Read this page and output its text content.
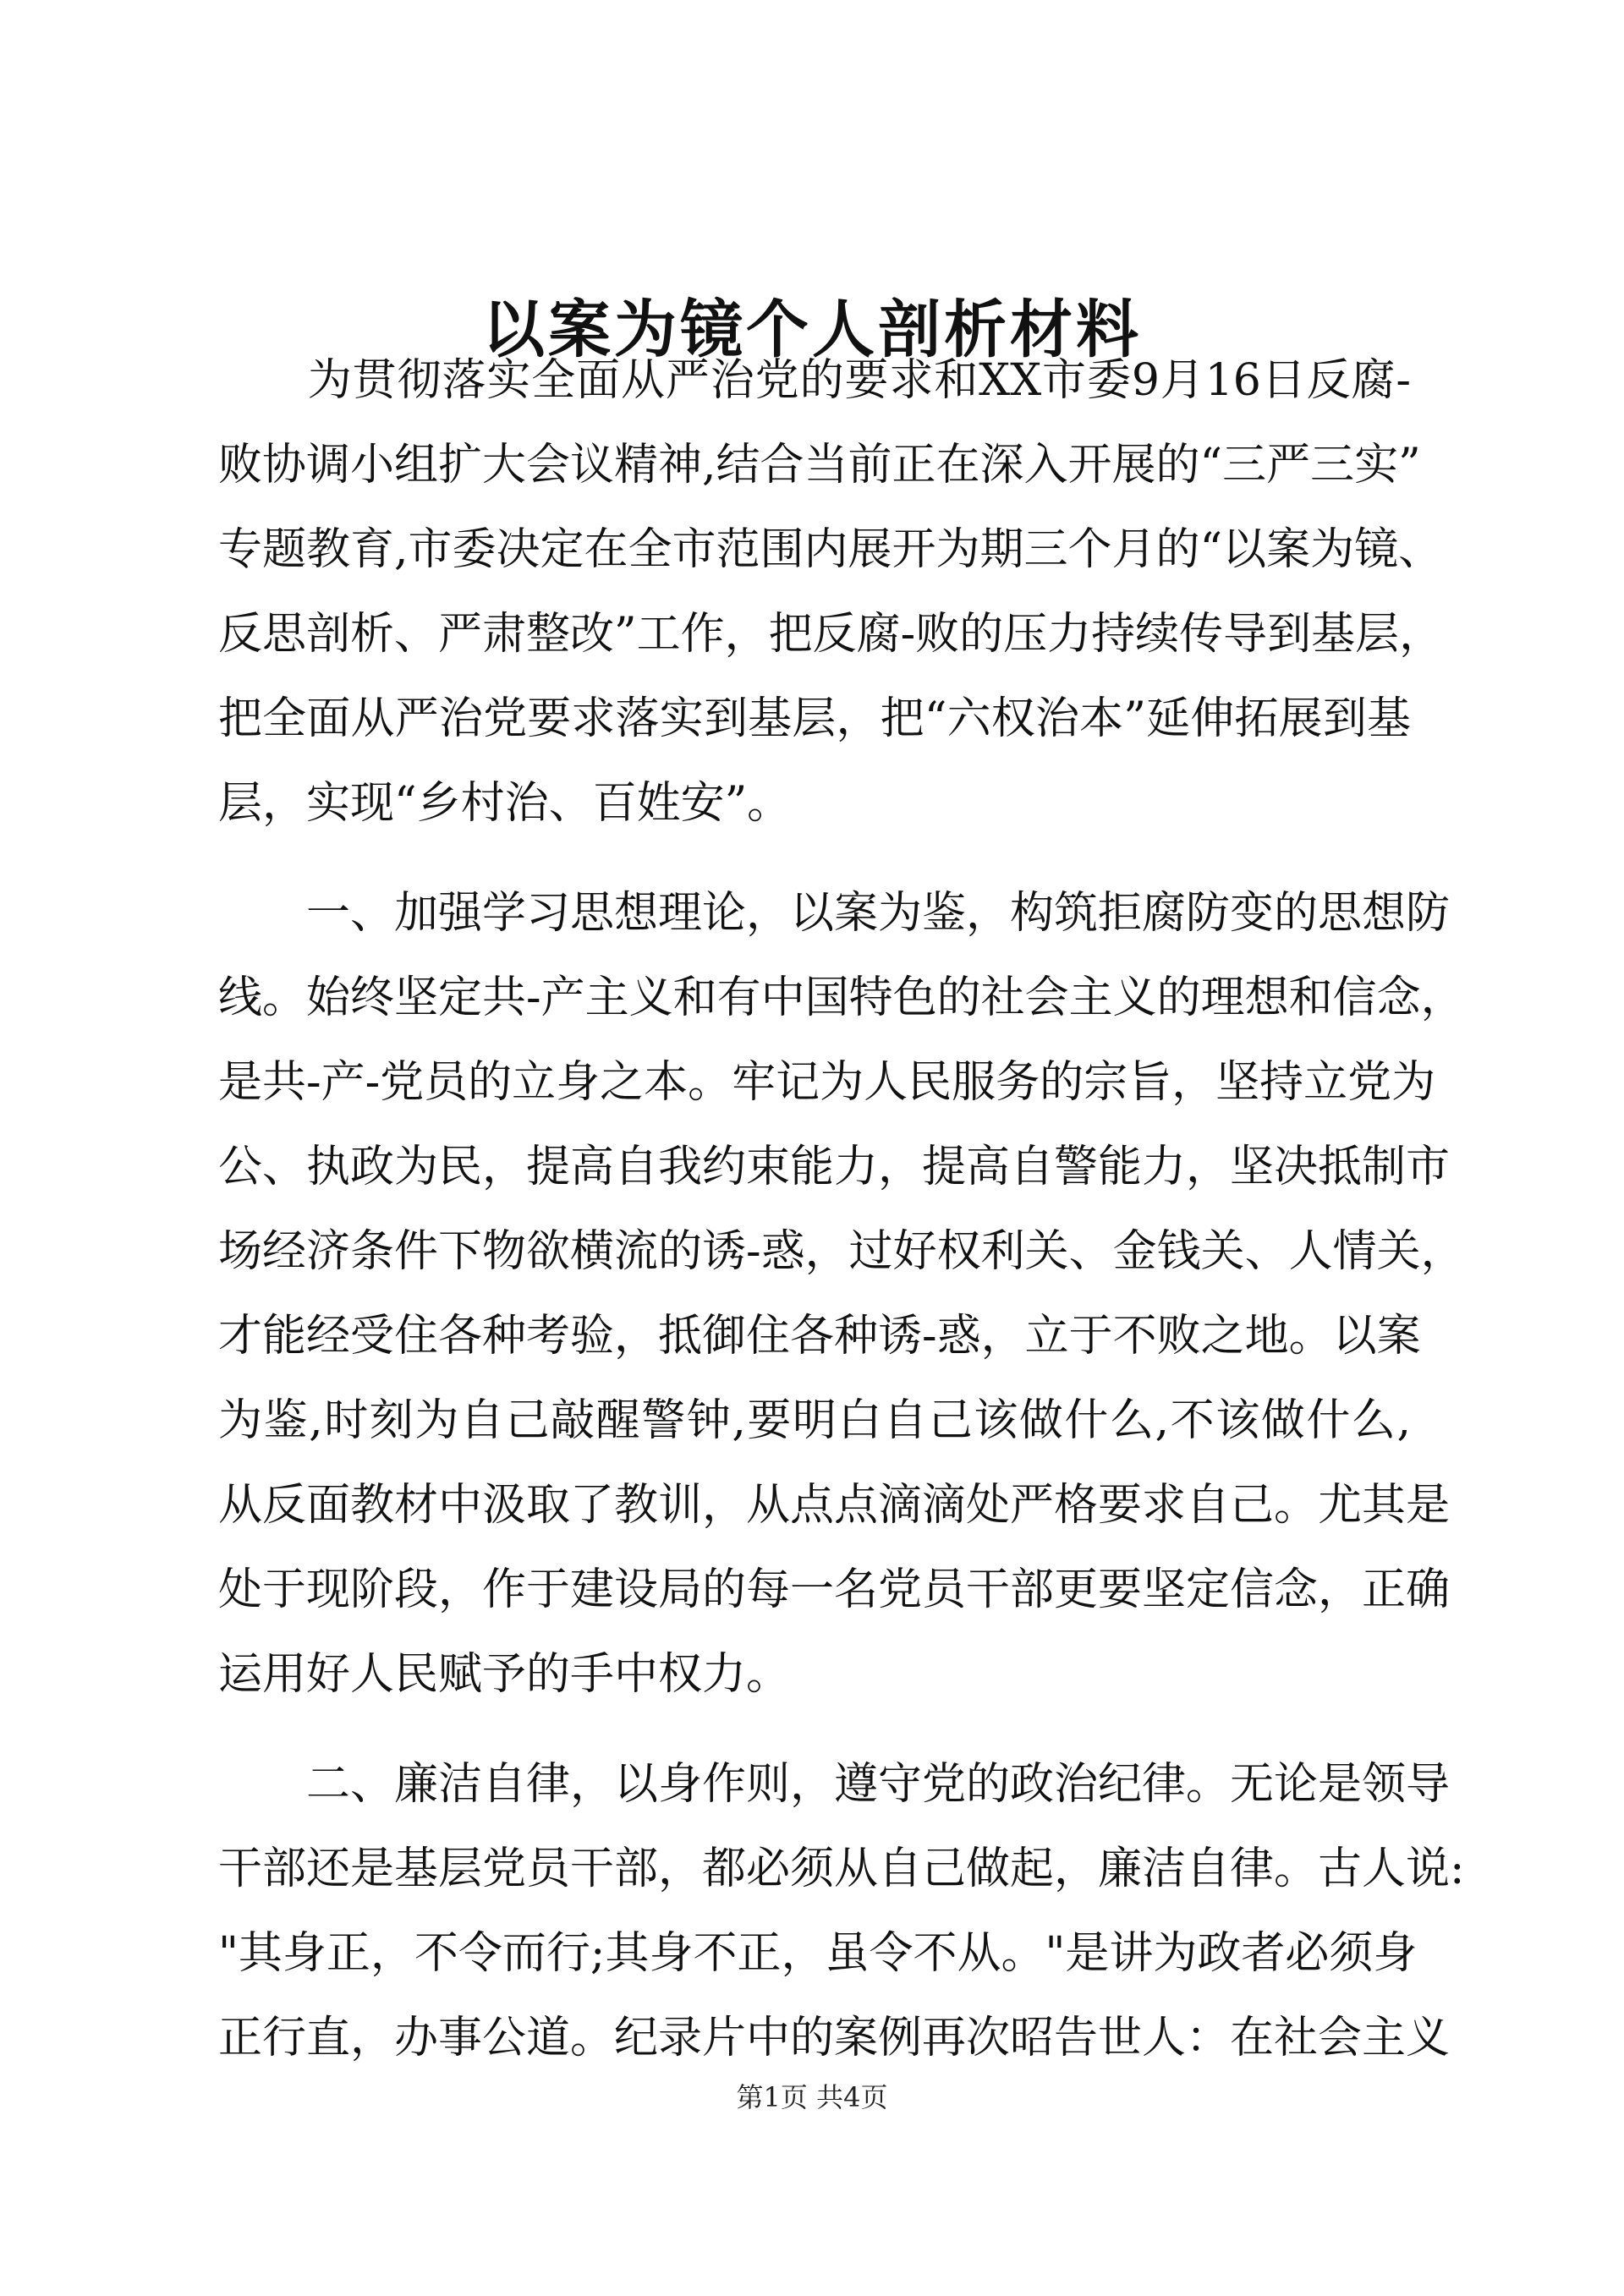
以案为镜个人剖析材料
　　为贯彻落实全面从严治党的要求和XX市委9月16日反腐-
败协调小组扩大会议精神,结合当前正在深入开展的“三严三实”
专题教育,市委决定在全市范围内展开为期三个月的“以案为镜、
反思剖析、严肃整改”工作，把反腐-败的压力持续传导到基层，
把全面从严治党要求落实到基层，把“六权治本”延伸拓展到基
层，实现“乡村治、百姓安”。
　　一、加强学习思想理论，以案为鉴，构筑拒腐防变的思想防
线。始终坚定共-产主义和有中国特色的社会主义的理想和信念，
是共-产-党员的立身之本。牢记为人民服务的宗旨，坚持立党为
公、执政为民，提高自我约束能力，提高自警能力，坚决抵制市
场经济条件下物欲横流的诱-惑，过好权利关、金钱关、人情关，
才能经受住各种考验，抵御住各种诱-惑，立于不败之地。以案
为鉴,时刻为自己敲醒警钟,要明白自己该做什么,不该做什么,
从反面教材中汲取了教训，从点点滴滴处严格要求自己。尤其是
处于现阶段，作于建设局的每一名党员干部更要坚定信念，正确
运用好人民赋予的手中权力。
　　二、廉洁自律，以身作则，遵守党的政治纪律。无论是领导
干部还是基层党员干部，都必须从自己做起，廉洁自律。古人说:
"其身正，不令而行;其身不正，虽令不从。"是讲为政者必须身
正行直，办事公道。纪录片中的案例再次昭告世人：在社会主义
第1页 共4页
